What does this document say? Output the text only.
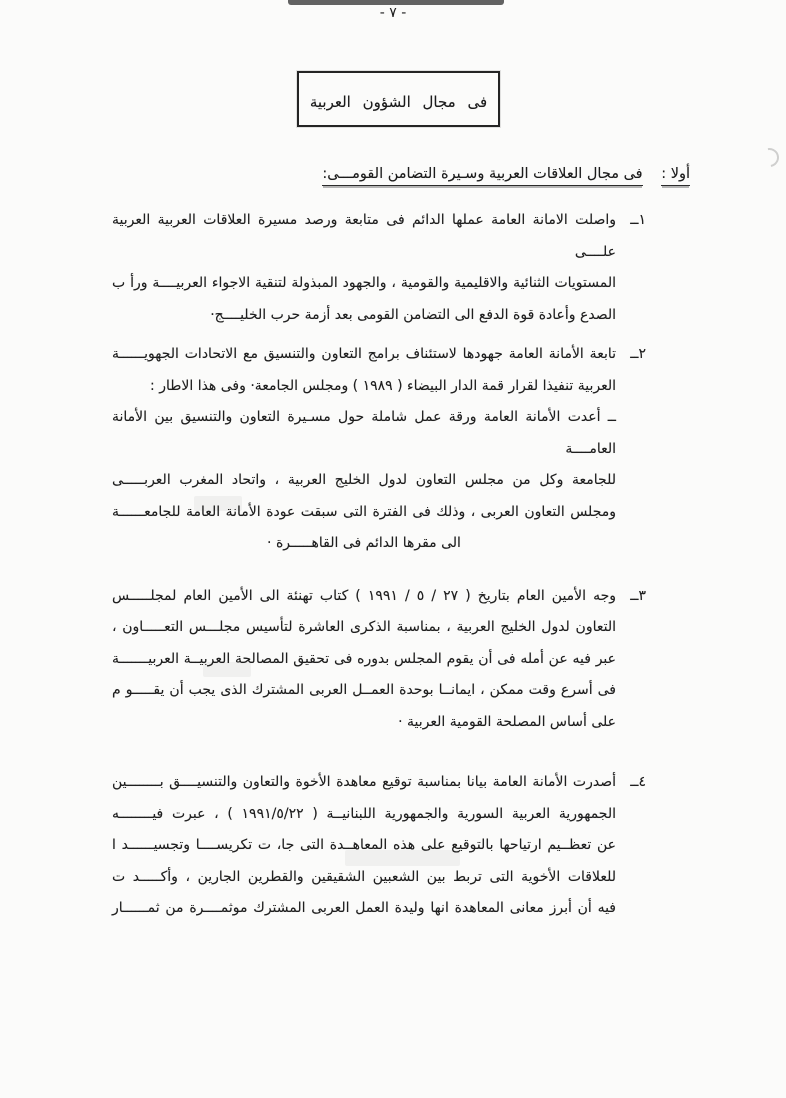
- ٧ -
فى مجال الشؤون العربية
أولا : فى مجال العلاقات العربية وسـيرة التضامن القومـــى:
١ــ
واصلت الامانة العامة عملها الدائم فى متابعة ورصد مسيرة العلاقات العربية العربية علــــى
المستويات الثنائية والاقليمية والقومية ، والجهود المبذولة لتنقية الاجواء العربيــــة ورأ ب
الصدع وأعادة قوة الدفع الى التضامن القومى بعد أزمة حرب الخليــــج·
٢ــ
تابعة الأمانة العامة جهودها لاستئناف برامج التعاون والتنسيق مع الاتحادات الجهويــــــة
العربية تنفيذا لقرار قمة الدار البيضاء ( ١٩٨٩ ) ومجلس الجامعة· وفى هذا الاطار :
ــ أعدت الأمانة العامة ورقة عمل شاملة حول مسـيرة التعاون والتنسيق بين الأمانة العامــــة
للجامعة وكل من مجلس التعاون لدول الخليج العربية ، واتحاد المغرب العربـــــى
ومجلس التعاون العربى ، وذلك فى الفترة التى سبقت عودة الأمانة العامة للجامعــــــة
الى مقرها الدائم فى القاهـــــرة ·
٣ــ
وجه الأمين العام بتاريخ ( ٢٧ / ٥ / ١٩٩١ ) كتاب تهنئة الى الأمين العام لمجلـــــس
التعاون لدول الخليج العربية ، بمناسبة الذكرى العاشرة لتأسيس مجلـــس التعـــــاون ،
عبر فيه عن أمله فى أن يقوم المجلس بدوره فى تحقيق المصالحة العربيــة العربيـــــــة
فى أسرع وقت ممكن ، ايمانــا بوحدة العمــل العربى المشترك الذى يجب أن يقـــــو م
على أساس المصلحة القومية العربية ·
٤ــ
أصدرت الأمانة العامة بيانا بمناسبة توقيع معاهدة الأخوة والتعاون والتنسيــــق بــــــــين
الجمهورية العربية السورية والجمهورية اللبنانيــة ( ١٩٩١/٥/٢٢ ) ، عبرت فيــــــــه
عن تعظــيم ارتياحها بالتوقيع على هذه المعاهــدة التى جا، ت تكريســــا وتجسيــــــد ا
للعلاقات الأخوية التى تربط بين الشعبين الشقيقين والقطرين الجارين ، وأكـــــد ت
فيه أن أبرز معانى المعاهدة انها وليدة العمل العربى المشترك موثمــــرة من ثمــــــار
